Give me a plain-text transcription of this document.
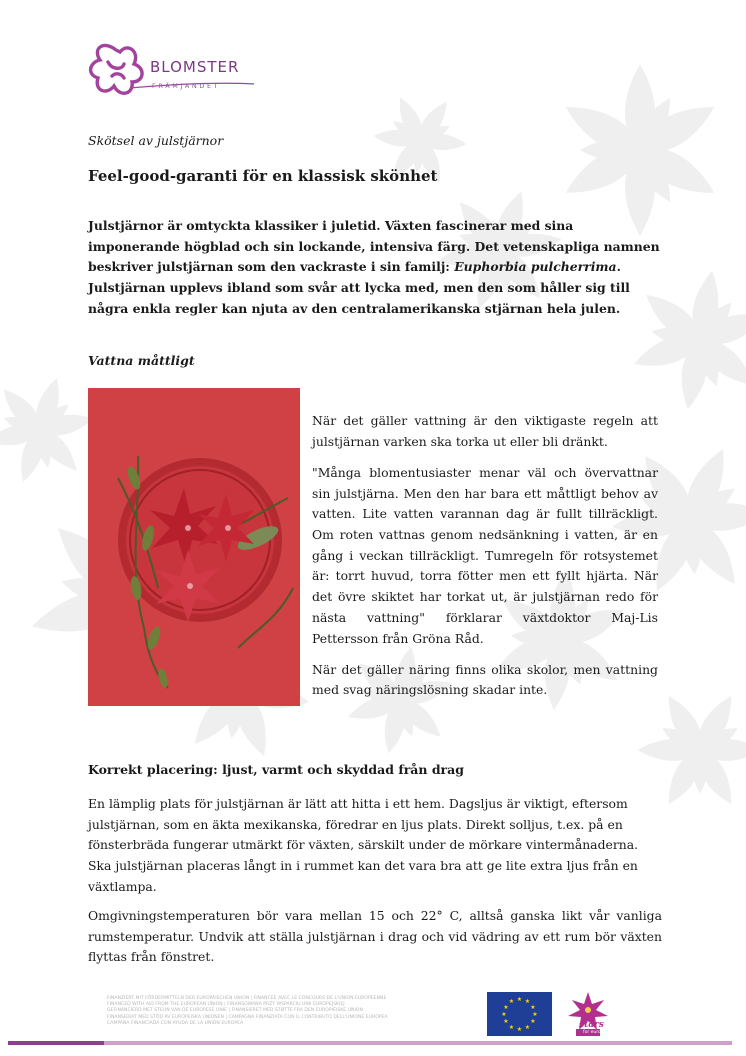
BLOMSTER
FRÄMJANDET
Skötsel av julstjärnor
Feel-good-garanti för en klassisk skönhet

Julstjärnor är omtyckta klassiker i juletid. Växten fascinerar med sina imponerande högblad och sin lockande, intensiva färg. Det vetenskapliga namnen beskriver julstjärnan som den vackraste i sin familj: Euphorbia pulcherrima. Julstjärnan upplevs ibland som svår att lycka med, men den som håller sig till några enkla regler kan njuta av den centralamerikanska stjärnan hela julen.

Vattna måttligt

När det gäller vattning är den viktigaste regeln att julstjärnan varken ska torka ut eller bli dränkt.

"Många blomentusiaster menar väl och övervattnar sin julstjärna. Men den har bara ett måttligt behov av vatten. Lite vatten varannan dag är fullt tillräckligt. Om roten vattnas genom nedsänkning i vatten, är en gång i veckan tillräckligt. Tumregeln för rotsystemet är: torrt huvud, torra fötter men ett fyllt hjärta. När det övre skiktet har torkat ut, är julstjärnan redo för nästa vattning" förklarar växtdoktor Maj-Lis Pettersson från Gröna Råd.

När det gäller näring finns olika skolor, men vattning med svag näringslösning skadar inte.

Korrekt placering: ljust, varmt och skyddad från drag

En lämplig plats för julstjärnan är lätt att hitta i ett hem. Dagsljus är viktigt, eftersom julstjärnan, som en äkta mexikanska, föredrar en ljus plats. Direkt solljus, t.ex. på en fönsterbräda fungerar utmärkt för växten, särskilt under de mörkare vintermånaderna. Ska julstjärnan placeras långt in i rummet kan det vara bra att ge lite extra ljus från en växtlampa.

Omgivningstemperaturen bör vara mellan 15 och 22° C, alltså ganska likt vår vanliga rumstemperatur. Undvik att ställa julstjärnan i drag och vid vädring av ett rum bör växten flyttas från fönstret.

FINANZIERT MIT FÖRDERMITTELN DER EUROPÄISCHEN UNION | FINANCEE AVEC LE CONCOURS DE L'UNION EUROPEENNE
FINANCED WITH AID FROM THE EUROPEAN UNION | FINANSOWANA PRZY WSPARCIU UNII EUROPEJSKIEJ
GEFINANCIERD MET STEUN VAN DE EUROPESE UNIE | FINANSIERET MED STØTTE FRA DEN EUROPÆISKE UNION
FINANSIERAT MED STÖD AV EUROPEISKA UNIONEN | CAMPAGNA FINANZIATA CON IL CONTRIBUTO DELL'UNIONE EUROPEA
CAMPAÑA FINANCIADA CON AYUDA DE LA UNIÓN EUROPEA
★ ★
★
★
★
★
★
★
★
★
★
★
stars
for europe
